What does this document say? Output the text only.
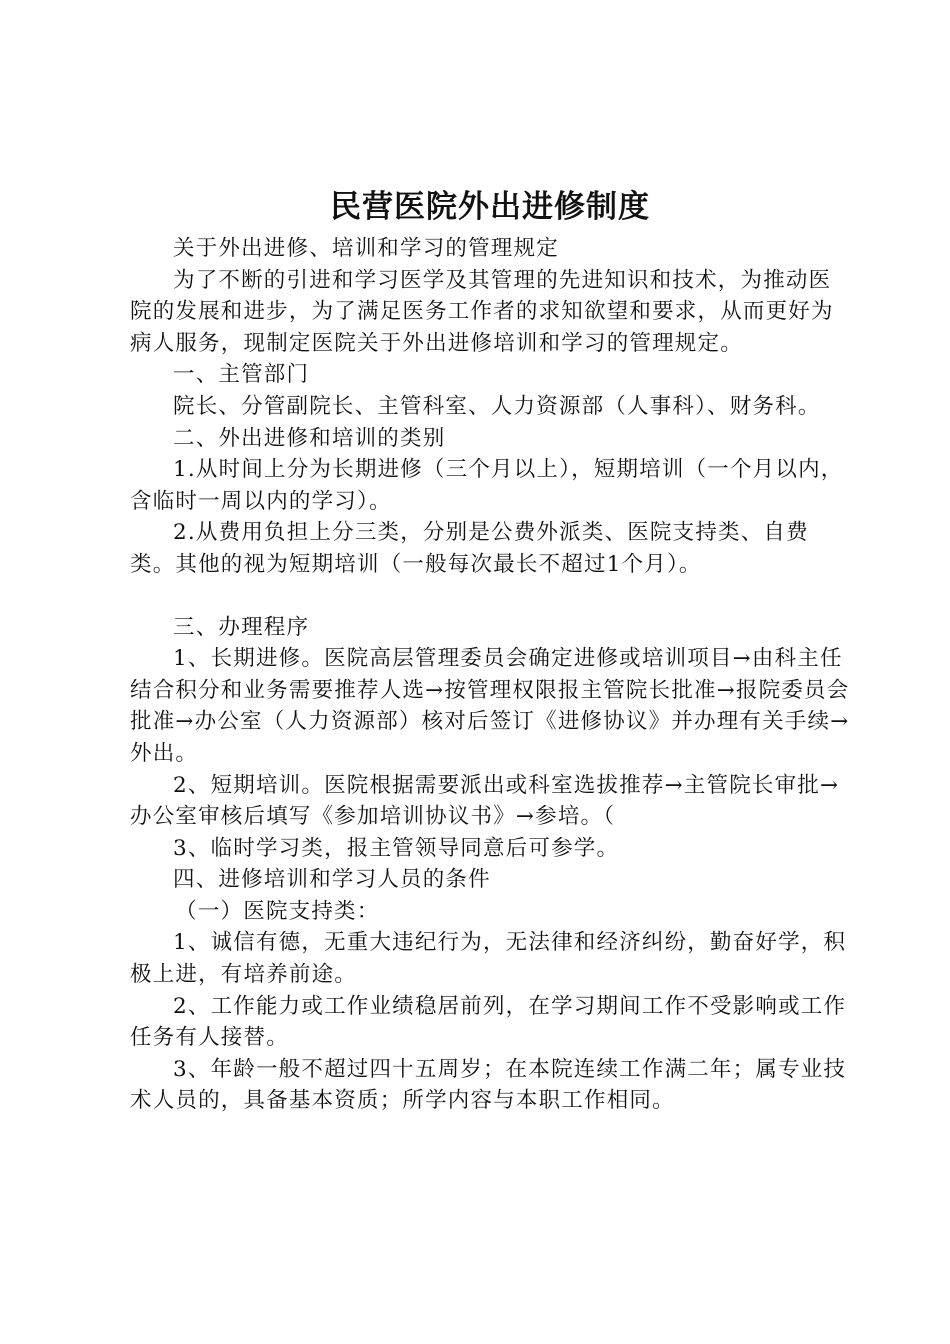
民营医院外出进修制度

关于外出进修、培训和学习的管理规定

为了不断的引进和学习医学及其管理的先进知识和技术，为推动医院的发展和进步，为了满足医务工作者的求知欲望和要求，从而更好为病人服务，现制定医院关于外出进修培训和学习的管理规定。

一、主管部门

院长、分管副院长、主管科室、人力资源部（人事科）、财务科。

二、外出进修和培训的类别

1.从时间上分为长期进修（三个月以上），短期培训（一个月以内，含临时一周以内的学习）。

2.从费用负担上分三类，分别是公费外派类、医院支持类、自费类。其他的视为短期培训（一般每次最长不超过1个月）。

三、办理程序

1、长期进修。医院高层管理委员会确定进修或培训项目→由科主任结合积分和业务需要推荐人选→按管理权限报主管院长批准→报院委员会批准→办公室（人力资源部）核对后签订《进修协议》并办理有关手续→外出。

2、短期培训。医院根据需要派出或科室选拔推荐→主管院长审批→办公室审核后填写《参加培训协议书》→参培。（

3、临时学习类，报主管领导同意后可参学。

四、进修培训和学习人员的条件

（一）医院支持类：

1、诚信有德，无重大违纪行为，无法律和经济纠纷，勤奋好学，积极上进，有培养前途。

2、工作能力或工作业绩稳居前列，在学习期间工作不受影响或工作任务有人接替。

3、年龄一般不超过四十五周岁；在本院连续工作满二年；属专业技术人员的，具备基本资质；所学内容与本职工作相同。
